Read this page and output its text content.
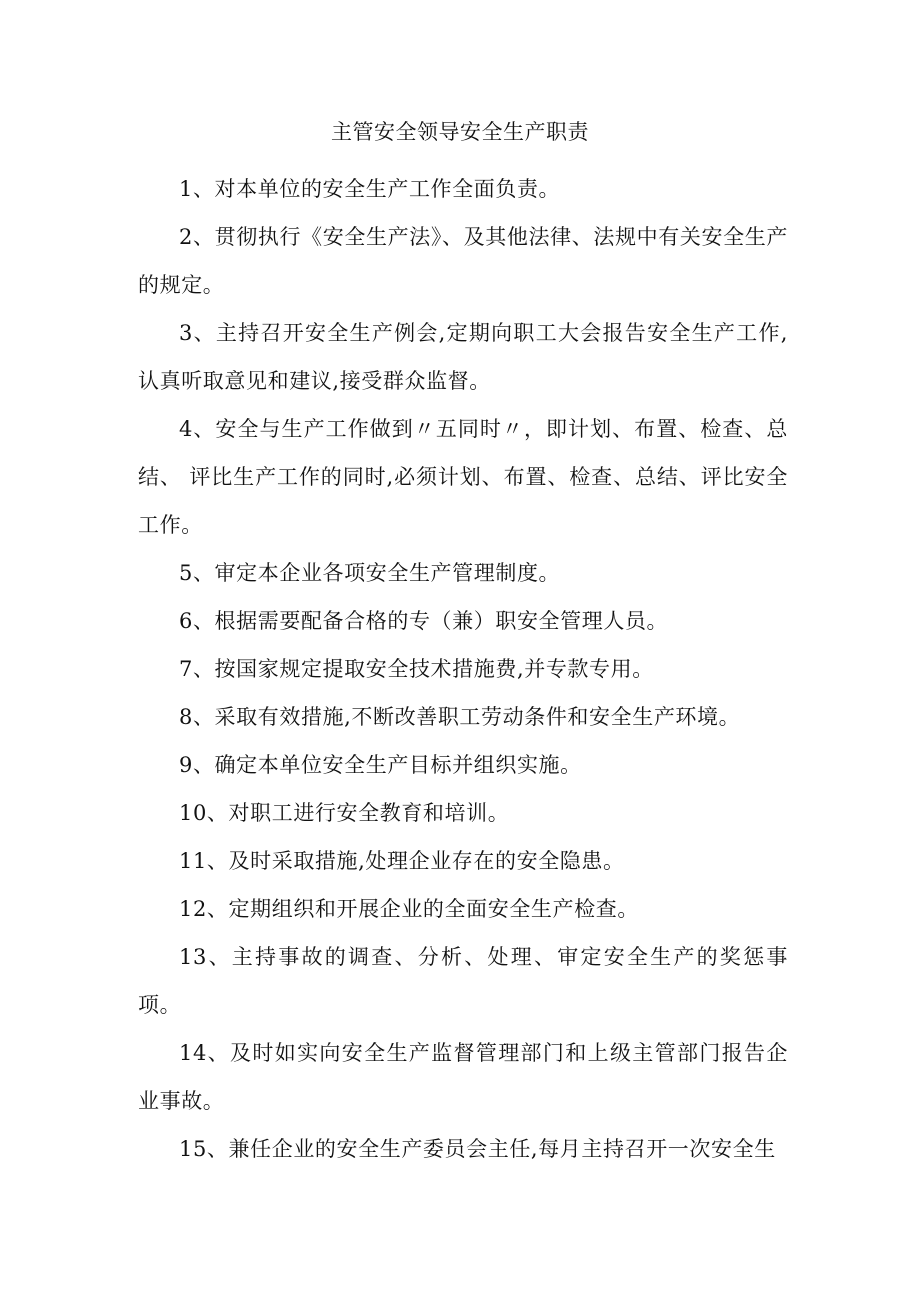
主管安全领导安全生产职责

1、对本单位的安全生产工作全面负责。

2、贯彻执行《安全生产法》、及其他法律、法规中有关安全生产 的规定。

3、主持召开安全生产例会,定期向职工大会报告安全生产工作,认真听取意见和建议,接受群众监督。

4、安全与生产工作做到〃五同时〃，即计划、布置、检查、总结、 评比生产工作的同时,必须计划、布置、检查、总结、评比安全工作。

5、审定本企业各项安全生产管理制度。

6、根据需要配备合格的专（兼）职安全管理人员。

7、按国家规定提取安全技术措施费,并专款专用。

8、采取有效措施,不断改善职工劳动条件和安全生产环境。

9、确定本单位安全生产目标并组织实施。

10、对职工进行安全教育和培训。

11、及时采取措施,处理企业存在的安全隐患。

12、定期组织和开展企业的全面安全生产检查。

13、主持事故的调查、分析、处理、审定安全生产的奖惩事项。

14、及时如实向安全生产监督管理部门和上级主管部门报告企业事故。

15、兼任企业的安全生产委员会主任,每月主持召开一次安全生
